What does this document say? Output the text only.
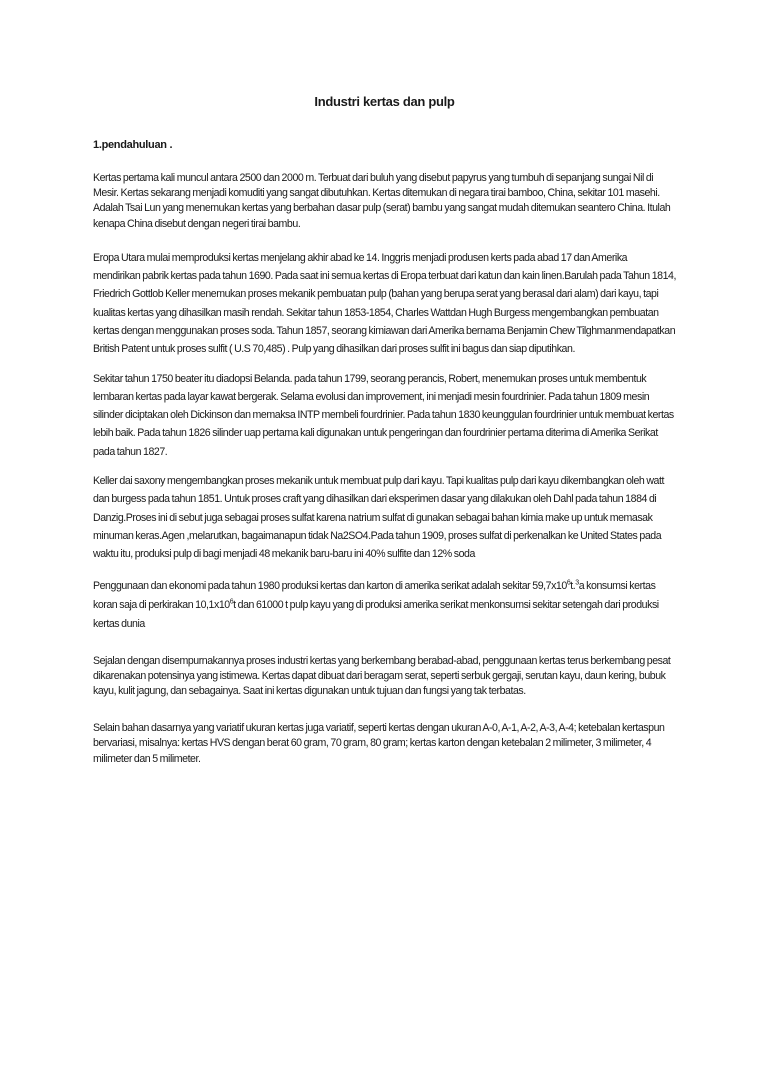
Industri kertas dan pulp
1.pendahuluan .

Kertas pertama kali muncul antara 2500 dan 2000 m. Terbuat dari buluh yang disebut papyrus yang tumbuh di sepanjang sungai Nil di Mesir. Kertas sekarang menjadi komuditi yang sangat dibutuhkan. Kertas ditemukan di negara tirai bamboo, China, sekitar 101 masehi. Adalah Tsai Lun yang menemukan kertas yang berbahan dasar pulp (serat) bambu yang sangat mudah ditemukan seantero China. Itulah kenapa China disebut dengan negeri tirai bambu.

Eropa Utara mulai memproduksi kertas menjelang akhir abad ke 14. Inggris menjadi produsen kerts pada abad 17 dan Amerika mendirikan pabrik kertas pada tahun 1690. Pada saat ini semua kertas di Eropa terbuat dari katun dan kain linen.Barulah pada Tahun 1814, Friedrich Gottlob Keller menemukan proses mekanik pembuatan pulp (bahan yang berupa serat yang berasal dari alam) dari kayu, tapi kualitas kertas yang dihasilkan masih rendah. Sekitar tahun 1853-1854, Charles Wattdan Hugh Burgess mengembangkan pembuatan kertas dengan menggunakan proses soda. Tahun 1857, seorang kimiawan dari Amerika bernama Benjamin Chew Tilghmanmendapatkan British Patent untuk proses sulfit ( U.S 70,485) . Pulp yang dihasilkan dari proses sulfit ini bagus dan siap diputihkan.

Sekitar tahun 1750 beater itu diadopsi Belanda. pada tahun 1799, seorang perancis, Robert, menemukan proses untuk membentuk lembaran kertas pada layar kawat bergerak. Selama evolusi dan improvement, ini menjadi mesin fourdrinier. Pada tahun 1809 mesin silinder diciptakan oleh Dickinson dan memaksa INTP membeli fourdrinier. Pada tahun 1830 keunggulan fourdrinier untuk membuat kertas lebih baik. Pada tahun 1826 silinder uap pertama kali digunakan untuk pengeringan dan fourdrinier pertama diterima di Amerika Serikat pada tahun 1827.

Keller dai saxony mengembangkan proses mekanik untuk membuat pulp dari kayu. Tapi kualitas pulp dari kayu dikembangkan oleh watt dan burgess pada tahun 1851. Untuk proses craft yang dihasilkan dari eksperimen dasar yang dilakukan oleh Dahl pada tahun 1884 di Danzig.Proses ini di sebut juga sebagai proses sulfat karena natrium sulfat di gunakan sebagai bahan kimia make up untuk memasak minuman keras.Agen ,melarutkan, bagaimanapun tidak Na2SO4.Pada tahun 1909, proses sulfat di perkenalkan ke United States pada waktu itu, produksi pulp di bagi menjadi 48 mekanik baru-baru ini 40% sulfite dan 12% soda

Penggunaan dan ekonomi pada tahun 1980 produksi kertas dan karton di amerika serikat adalah sekitar $59,7x10^6t.^3a$ konsumsi kertas koran saja di perkirakan $10,1x10^6t$ dan 61000 t pulp kayu yang di produksi amerika serikat menkonsumsi sekitar setengah dari produksi kertas dunia

Sejalan dengan disempurnakannya proses industri kertas yang berkembang berabad-abad, penggunaan kertas terus berkembang pesat dikarenakan potensinya yang istimewa. Kertas dapat dibuat dari beragam serat, seperti serbuk gergaji, serutan kayu, daun kering, bubuk kayu, kulit jagung, dan sebagainya. Saat ini kertas digunakan untuk tujuan dan fungsi yang tak terbatas.

Selain bahan dasarnya yang variatif ukuran kertas juga variatif, seperti kertas dengan ukuran A-0, A-1, A-2, A-3, A-4; ketebalan kertaspun bervariasi, misalnya: kertas HVS dengan berat 60 gram, 70 gram, 80 gram; kertas karton dengan ketebalan 2 milimeter, 3 milimeter, 4 milimeter dan 5 milimeter.
